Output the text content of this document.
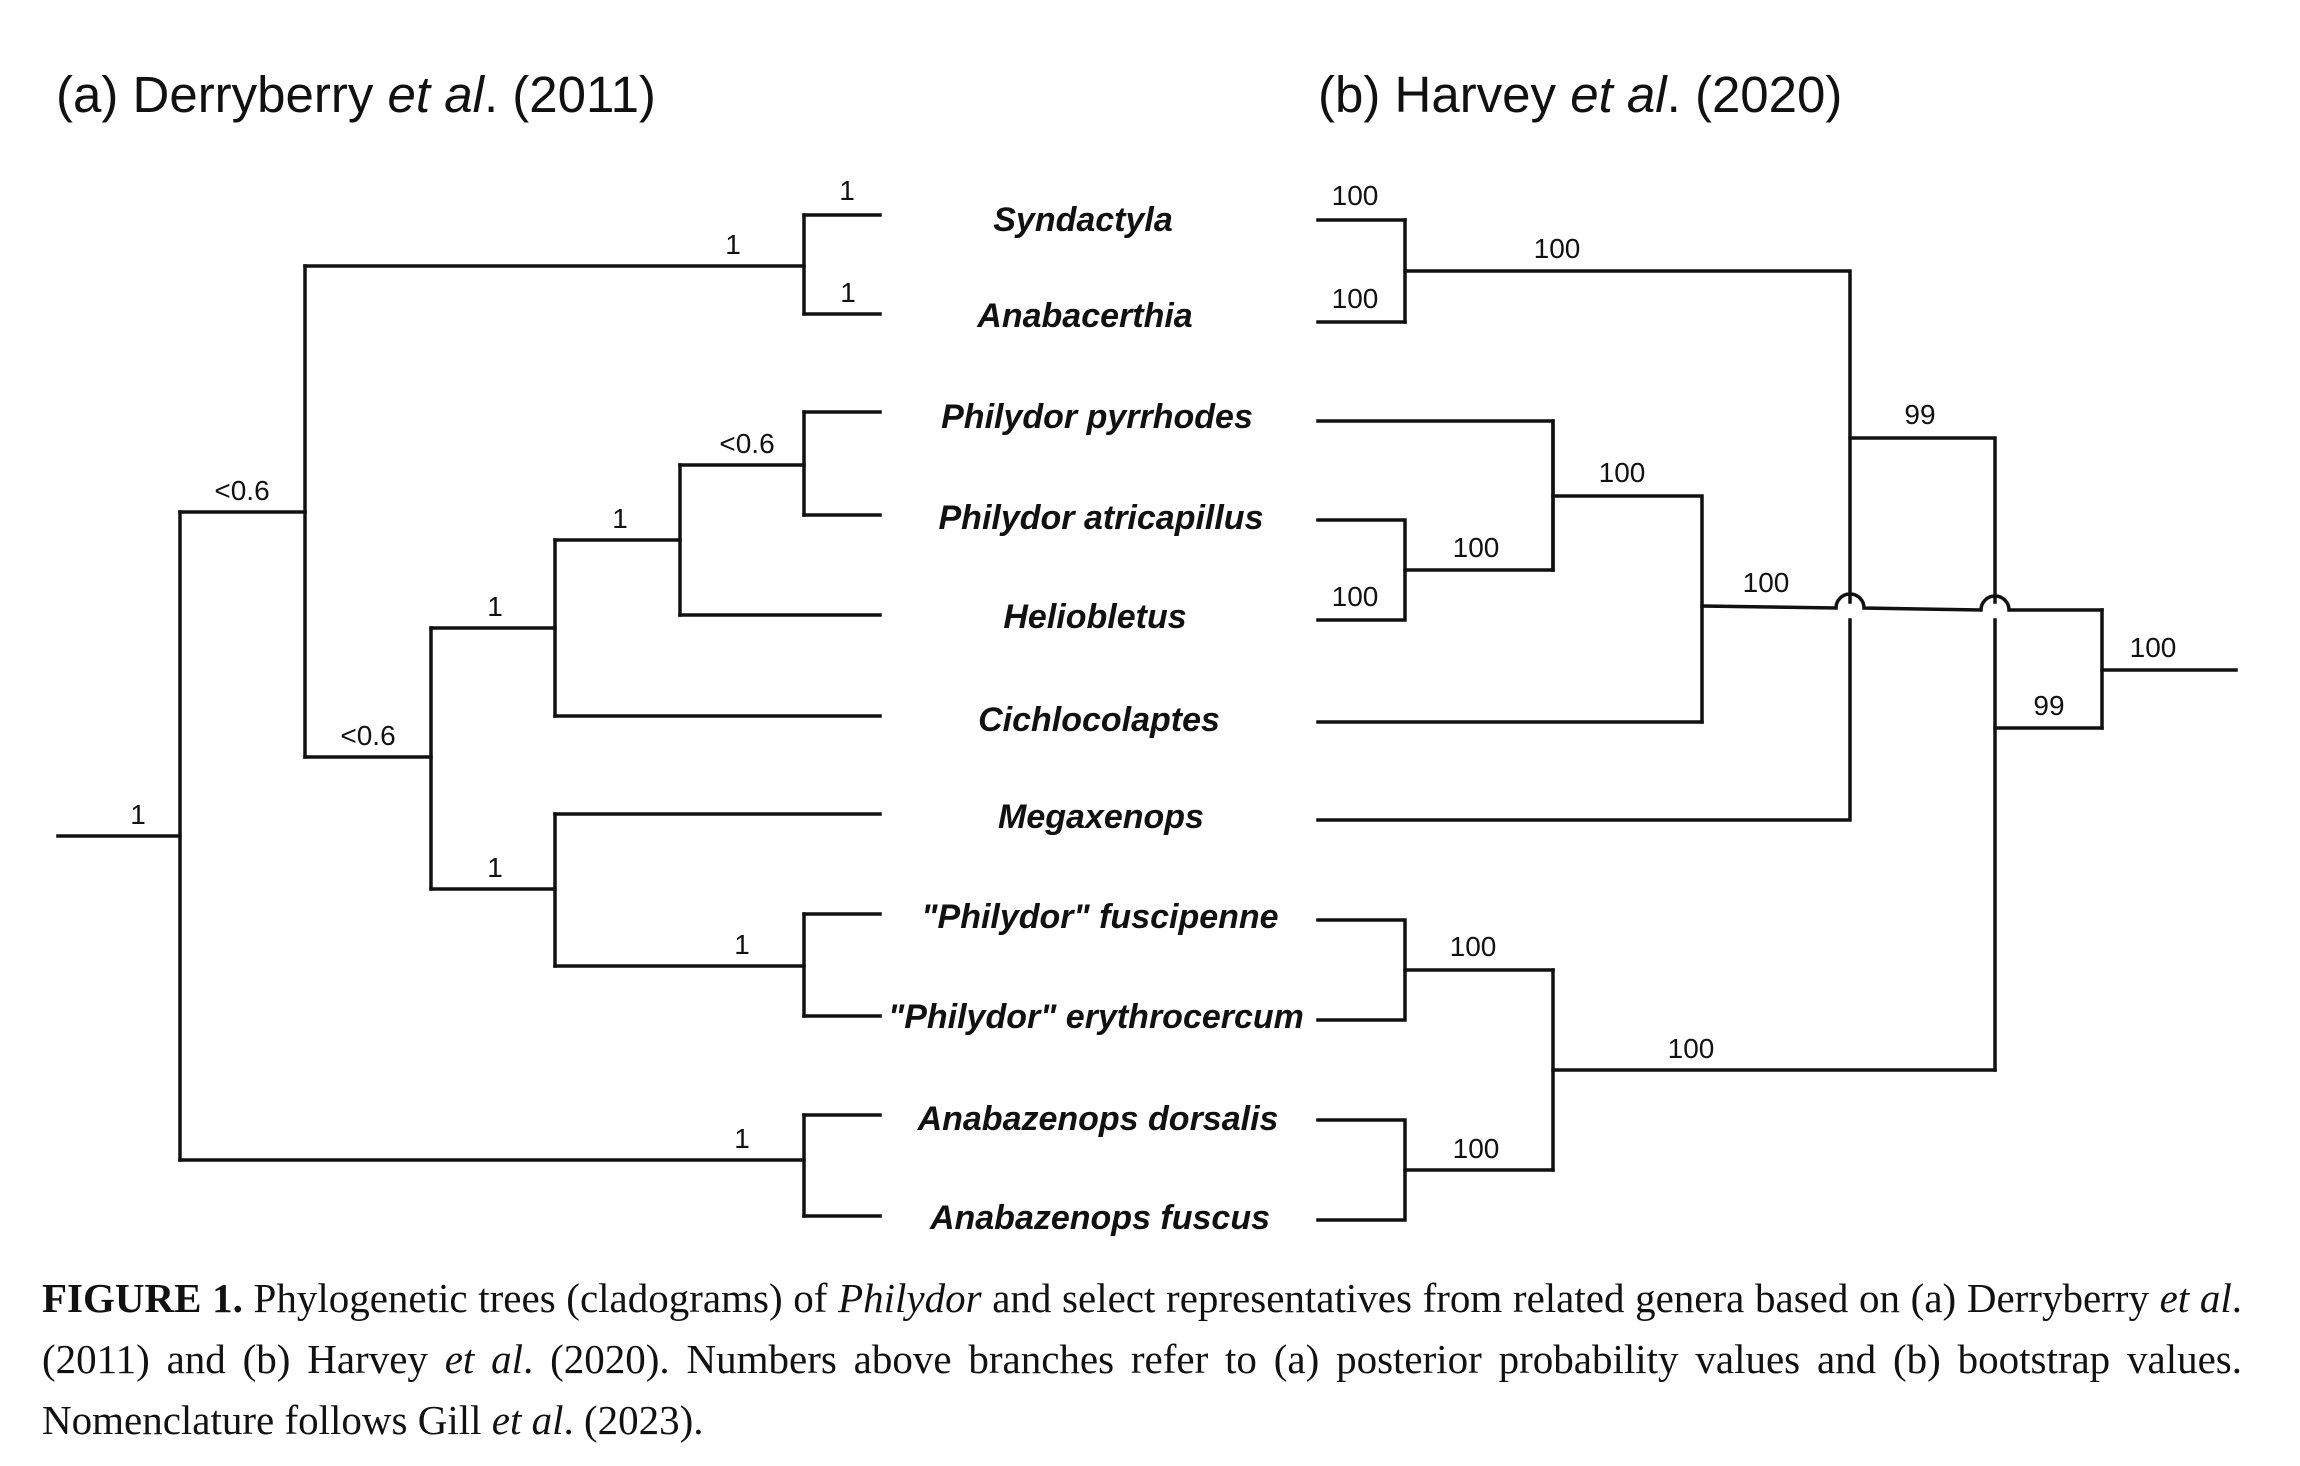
(a) Derryberry et al. (2011)	(b) Harvey et al. (2020)
1
<0.6
1
1
1
<0.6
1
1
<0.6
1
1
1
Syndactyla
Anabacerthia
Philydor pyrrhodes
Philydor atricapillus
Heliobletus
Cichlocolaptes
Megaxenops
"Philydor" fuscipenne
"Philydor" erythrocercum
Anabazenops dorsalis
Anabazenops fuscus
100
100
100
99
100
100
100	100
100
99
100
100
100
FIGURE 1. Phylogenetic trees (cladograms) of Philydor and select representatives from related genera based on (a) Derryberry et al. (2011) and (b) Harvey et al. (2020). Numbers above branches refer to (a) posterior probability values and (b) bootstrap values. Nomenclature follows Gill et al. (2023).
